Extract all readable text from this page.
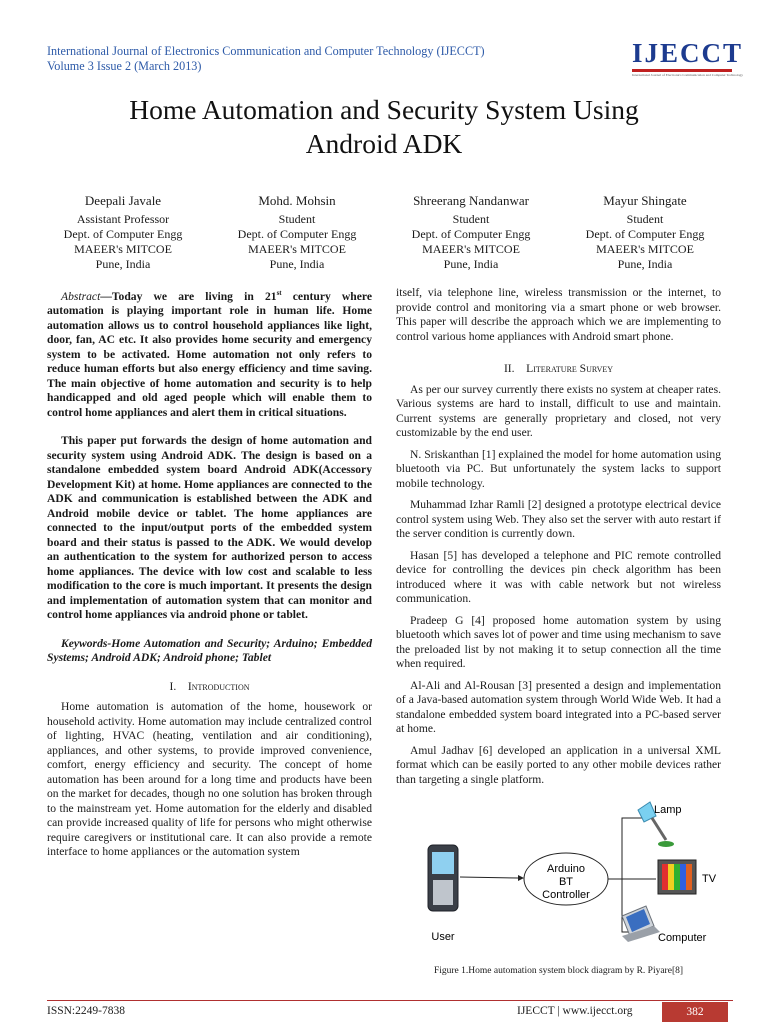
International Journal of Electronics Communication and Computer Technology (IJECCT)
Volume 3 Issue 2 (March 2013)	IJECCT
International Journal of Electronics Communication and Computer Technology
Home Automation and Security System Using
Android ADK
Deepali Javale
Assistant Professor
Dept. of Computer Engg
MAEER's MITCOE
Pune, India
Mohd. Mohsin
Student
Dept. of Computer Engg
MAEER's MITCOE
Pune, India
Shreerang Nandanwar
Student
Dept. of Computer Engg
MAEER's MITCOE
Pune, India
Mayur Shingate
Student
Dept. of Computer Engg
MAEER's MITCOE
Pune, India

Abstract—Today we are living in 21st century where automation is playing important role in human life. Home automation allows us to control household appliances like light, door, fan, AC etc. It also provides home security and emergency system to be activated. Home automation not only refers to reduce human efforts but also energy efficiency and time saving. The main objective of home automation and security is to help handicapped and old aged people which will enable them to control home appliances and alert them in critical situations.

This paper put forwards the design of home automation and security system using Android ADK. The design is based on a standalone embedded system board Android ADK(Accessory Development Kit) at home. Home appliances are connected to the ADK and communication is established between the ADK and Android mobile device or tablet. The home appliances are connected to the input/output ports of the embedded system board and their status is passed to the ADK. We would develop an authentication to the system for authorized person to access home appliances. The device with low cost and scalable to less modification to the core is much important. It presents the design and implementation of automation system that can monitor and control home appliances via android phone or tablet.

Keywords-Home Automation and Security; Arduino; Embedded Systems; Android ADK; Android phone; Tablet

I. Introduction

Home automation is automation of the home, housework or household activity. Home automation may include centralized control of lighting, HVAC (heating, ventilation and air conditioning), appliances, and other systems, to provide improved convenience, comfort, energy efficiency and security. The concept of home automation has been around for a long time and products have been on the market for decades, though no one solution has broken through to the mainstream yet. Home automation for the elderly and disabled can provide increased quality of life for persons who might otherwise require caregivers or institutional care. It can also provide a remote interface to home appliances or the automation system

itself, via telephone line, wireless transmission or the internet, to provide control and monitoring via a smart phone or web browser. This paper will describe the approach which we are implementing to control various home appliances with Android smart phone.

II. Literature Survey

As per our survey currently there exists no system at cheaper rates. Various systems are hard to install, difficult to use and maintain. Current systems are generally proprietary and closed, not very customizable by the end user.

N. Sriskanthan [1] explained the model for home automation using bluetooth via PC. But unfortunately the system lacks to support mobile technology.

Muhammad Izhar Ramli [2] designed a prototype electrical device control system using Web. They also set the server with auto restart if the server condition is currently down.

Hasan [5] has developed a telephone and PIC remote controlled device for controlling the devices pin check algorithm has been introduced where it was with cable network but not wireless communication.

Pradeep G [4] proposed home automation system by using bluetooth which saves lot of power and time using mechanism to save the preloaded list by not making it to setup connection all the time when required.

Al-Ali and Al-Rousan [3] presented a design and implementation of a Java-based automation system through World Wide Web. It had a standalone embedded system board integrated into a PC-based server at home.

Amul Jadhav [6] developed an application in a universal XML format which can be easily ported to any other mobile devices rather than targeting a single platform.

User
Arduino
BT
Controller
Lamp
TV
Computer
Figure 1.Home automation system block diagram by R. Piyare[8]
ISSN:2249-7838	IJECCT | www.ijecct.org	382
